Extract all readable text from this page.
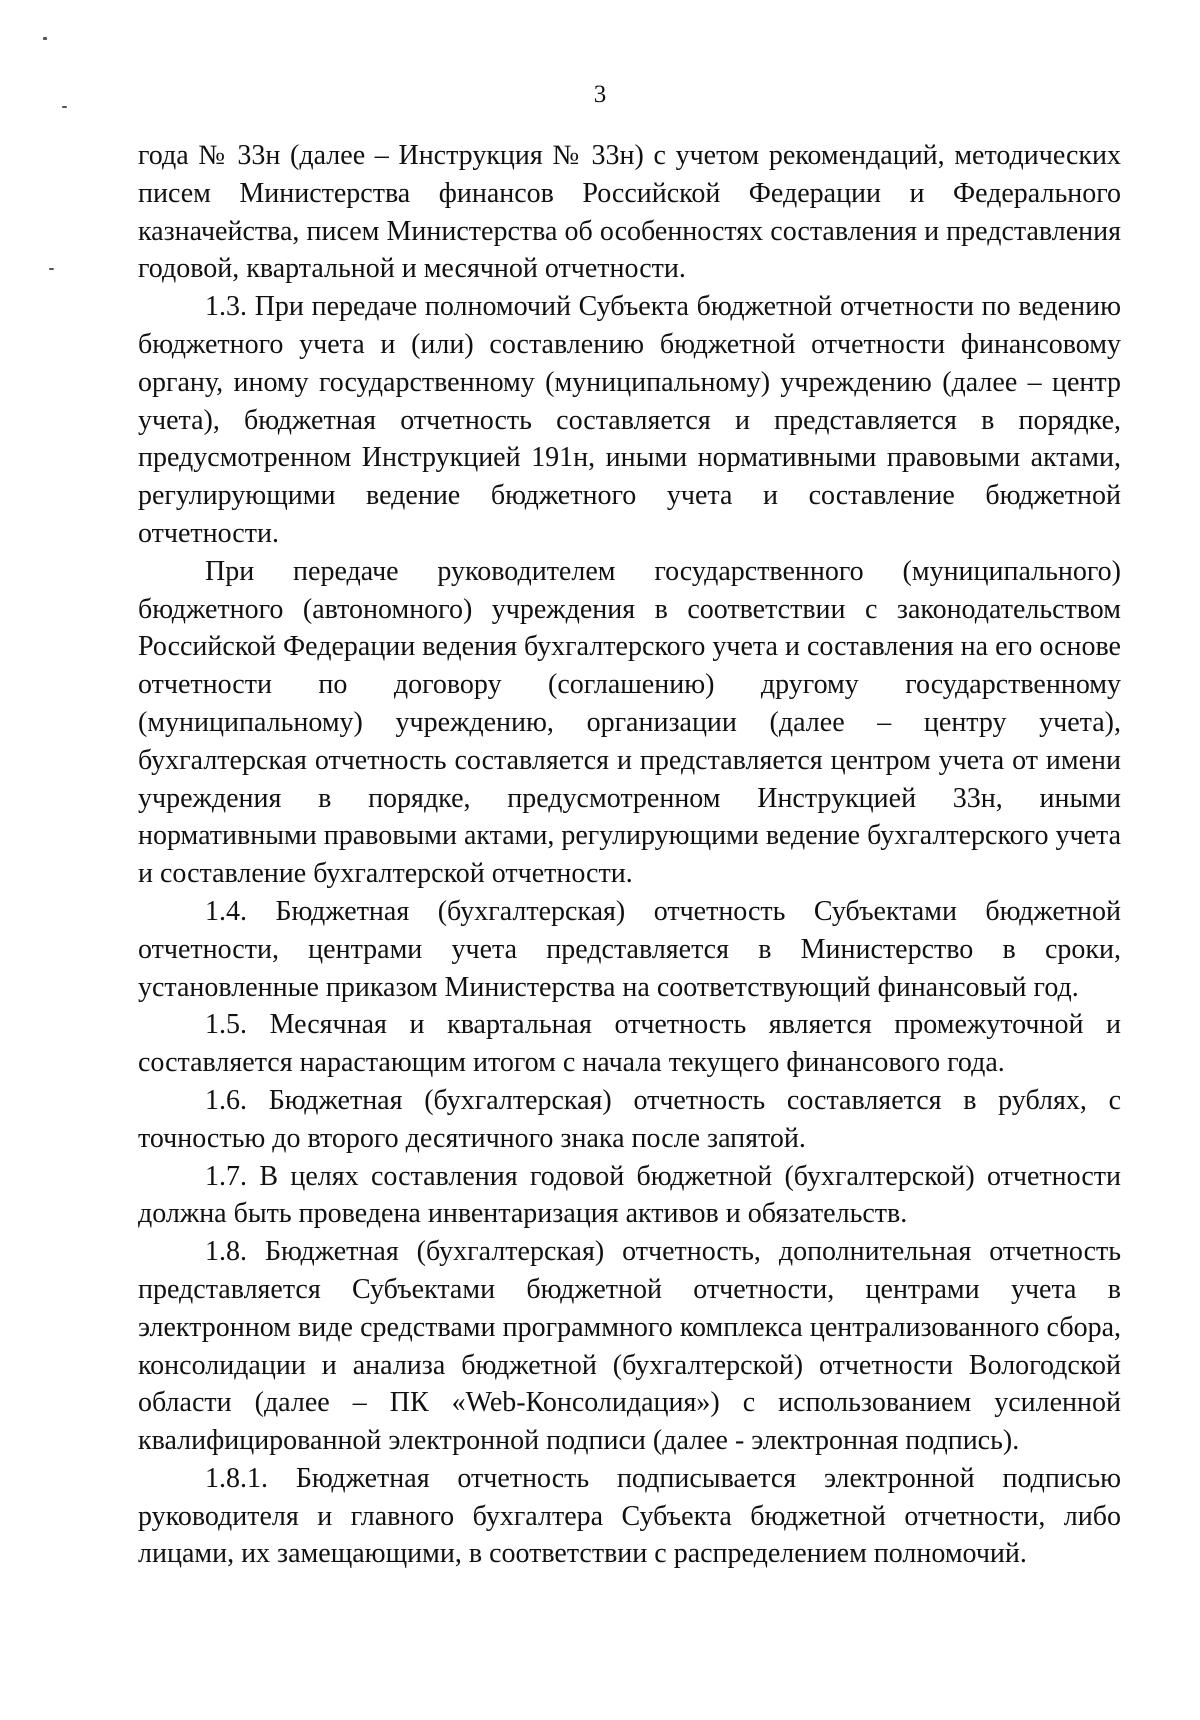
3

года № 33н (далее – Инструкция № 33н) с учетом рекомендаций, методических писем Министерства финансов Российской Федерации и Федерального казначейства, писем Министерства об особенностях составления и представления годовой, квартальной и месячной отчетности.

1.3. При передаче полномочий Субъекта бюджетной отчетности по ведению бюджетного учета и (или) составлению бюджетной отчетности финансовому органу, иному государственному (муниципальному) учреждению (далее – центр учета), бюджетная отчетность составляется и представляется в порядке, предусмотренном Инструкцией 191н, иными нормативными правовыми актами, регулирующими ведение бюджетного учета и составление бюджетной отчетности.

При передаче руководителем государственного (муниципального) бюджетного (автономного) учреждения в соответствии с законодательством Российской Федерации ведения бухгалтерского учета и составления на его основе отчетности по договору (соглашению) другому государственному (муниципальному) учреждению, организации (далее – центру учета), бухгалтерская отчетность составляется и представляется центром учета от имени учреждения в порядке, предусмотренном Инструкцией 33н, иными нормативными правовыми актами, регулирующими ведение бухгалтерского учета и составление бухгалтерской отчетности.

1.4. Бюджетная (бухгалтерская) отчетность Субъектами бюджетной отчетности, центрами учета представляется в Министерство в сроки, установленные приказом Министерства на соответствующий финансовый год.

1.5. Месячная и квартальная отчетность является промежуточной и составляется нарастающим итогом с начала текущего финансового года.

1.6. Бюджетная (бухгалтерская) отчетность составляется в рублях, с точностью до второго десятичного знака после запятой.

1.7. В целях составления годовой бюджетной (бухгалтерской) отчетности должна быть проведена инвентаризация активов и обязательств.

1.8. Бюджетная (бухгалтерская) отчетность, дополнительная отчетность представляется Субъектами бюджетной отчетности, центрами учета в электронном виде средствами программного комплекса централизованного сбора, консолидации и анализа бюджетной (бухгалтерской) отчетности Вологодской области (далее – ПК «Web-Консолидация») с использованием усиленной квалифицированной электронной подписи (далее - электронная подпись).

1.8.1. Бюджетная отчетность подписывается электронной подписью руководителя и главного бухгалтера Субъекта бюджетной отчетности, либо лицами, их замещающими, в соответствии с распределением полномочий.
